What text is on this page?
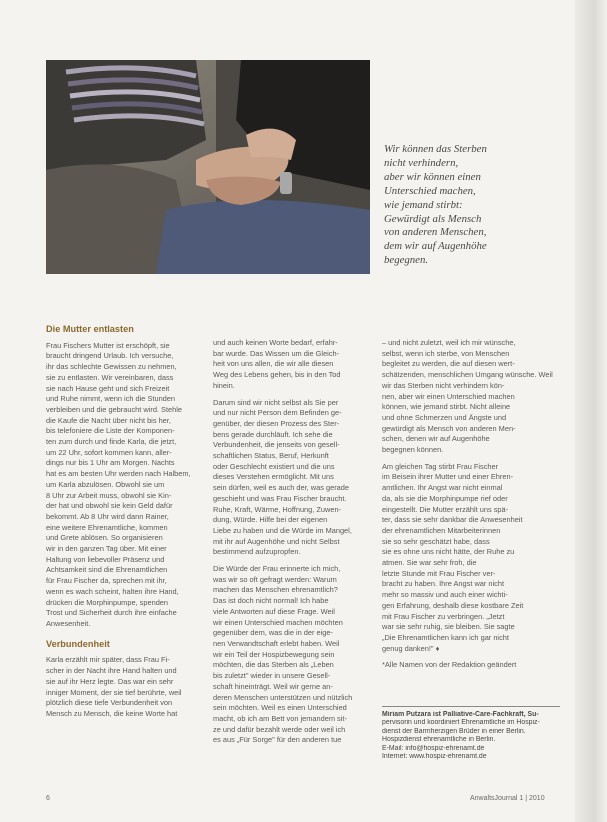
Wir können das Sterben
nicht verhindern,
aber wir können einen
Unterschied machen,
wie jemand stirbt:
Gewürdigt als Mensch
von anderen Menschen,
dem wir auf Augenhöhe
begegnen.
Die Mutter entlasten
Frau Fischers Mutter ist erschöpft, sie
braucht dringend Urlaub. Ich versuche,
ihr das schlechte Gewissen zu nehmen,
sie zu entlasten. Wir vereinbaren, dass
sie nach Hause geht und sich Freizeit
und Ruhe nimmt, wenn ich die Stunden
verbleiben und die gebraucht wird. Stehle
die Kaufe die Nacht über nicht bis her,
bis telefoniere die Liste der Komponen-
ten zum durch und finde Karla, die jetzt,
um 22 Uhr, sofort kommen kann, aller-
dings nur bis 1 Uhr am Morgen. Nachts
hat es am besten Uhr werden nach Halbem,
um Karla abzulösen. Obwohl sie um
8 Uhr zur Arbeit muss, obwohl sie Kin-
der hat und obwohl sie kein Geld dafür
bekommt. Ab 8 Uhr wird dann Rainer,
eine weitere Ehrenamtliche, kommen
und Grete ablösen. So organisieren
wir in den ganzen Tag über. Mit einer
Haltung von liebevoller Präsenz und
Achtsamkeit sind die Ehrenamtlichen
für Frau Fischer da, sprechen mit ihr,
wenn es wach scheint, halten ihre Hand,
drücken die Morphinpumpe, spenden
Trost und Sicherheit durch ihre einfache
Anwesenheit.
Verbundenheit
Karla erzählt mir später, dass Frau Fi-
scher in der Nacht ihre Hand halten und
sie auf ihr Herz legte. Das war ein sehr
inniger Moment, der sie tief berührte, weil
plötzlich diese tiefe Verbundenheit von
Mensch zu Mensch, die keine Worte hat
und auch keinen Worte bedarf, erfahr-
bar wurde. Das Wissen um die Gleich-
heit von uns allen, die wir alle diesen
Weg des Lebens gehen, bis in den Tod
hinein.
Darum sind wir nicht selbst als Sie per
und nur nicht Person dem Befinden ge-
genüber, der diesen Prozess des Ster-
bens gerade durchläuft. Ich sehe die
Verbundenheit, die jenseits von gesell-
schaftlichen Status, Beruf, Herkunft
oder Geschlecht existiert und die uns
dieses Verstehen ermöglicht. Mit uns
sein dürfen, weil es auch der, was gerade
geschieht und was Frau Fischer braucht.
Ruhe, Kraft, Wärme, Hoffnung, Zuwen-
dung, Würde. Hilfe bei der eigenen
Liebe zu haben und die Würde im Mangel,
mit ihr auf Augenhöhe und nicht Selbst
bestimmend aufzupropfen.
Die Würde der Frau erinnerte ich mich,
was wir so oft gefragt werden: Warum
machen das Menschen ehrenamtlich?
Das ist doch nicht normal! Ich habe
viele Antworten auf diese Frage. Weil
wir einen Unterschied machen möchten
gegenüber dem, was die in der eige-
nen Verwandtschaft erlebt haben. Weil
wir ein Teil der Hospizbewegung sein
möchten, die das Sterben als „Leben
bis zuletzt" wieder in unsere Gesell-
schaft hineinträgt. Weil wir gerne an-
deren Menschen unterstützen und nützlich
sein möchten. Weil es einen Unterschied
macht, ob ich am Bett von jemandem sit-
ze und dafür bezahlt werde oder weil ich
es aus „Für Sorge" für den anderen tue
– und nicht zuletzt, weil ich mir wünsche,
selbst, wenn ich sterbe, von Menschen
begleitet zu werden, die auf diesen wert-
schätzenden, menschlichen Umgang wünsche. Weil
wir das Sterben nicht verhindern kön-
nen, aber wir einen Unterschied machen
können, wie jemand stirbt. Nicht alleine
und ohne Schmerzen und Ängste und
gewürdigt als Mensch von anderen Men-
schen, denen wir auf Augenhöhe
begegnen können.
Am gleichen Tag stirbt Frau Fischer
im Beisein ihrer Mutter und einer Ehren-
amtlichen. Ihr Angst war nicht einmal
da, als sie die Morphinpumpe rief oder
eingestellt. Die Mutter erzählt uns spä-
ter, dass sie sehr dankbar die Anwesenheit
der ehrenamtlichen Mitarbeiterinnen
sie so sehr geschätzt habe, dass
sie es ohne uns nicht hätte, der Ruhe zu
atmen. Sie war sehr froh, die
letzte Stunde mit Frau Fischer ver-
bracht zu haben. Ihre Angst war nicht
mehr so massiv und auch einer wichti-
gen Erfahrung, deshalb diese kostbare Zeit
mit Frau Fischer zu verbringen. „Jetzt
war sie sehr ruhig, sie bleiben. Sie sagte
„Die Ehrenamtlichen kann ich gar nicht
genug danken!" ♦
*Alle Namen von der Redaktion geändert
Miriam Putzara ist Palliative-Care-Fachkraft, Su-
pervisorin und koordiniert Ehrenamtliche im Hospiz-
dienst der Barmherzigen Brüder in einer Berlin.
Hospizdienst ehrenamtliche in Berlin.
E-Mail: info@hospiz-ehrenamt.de
Internet: www.hospiz-ehrenamt.de
6	AnwaltsJournal 1 | 2010
